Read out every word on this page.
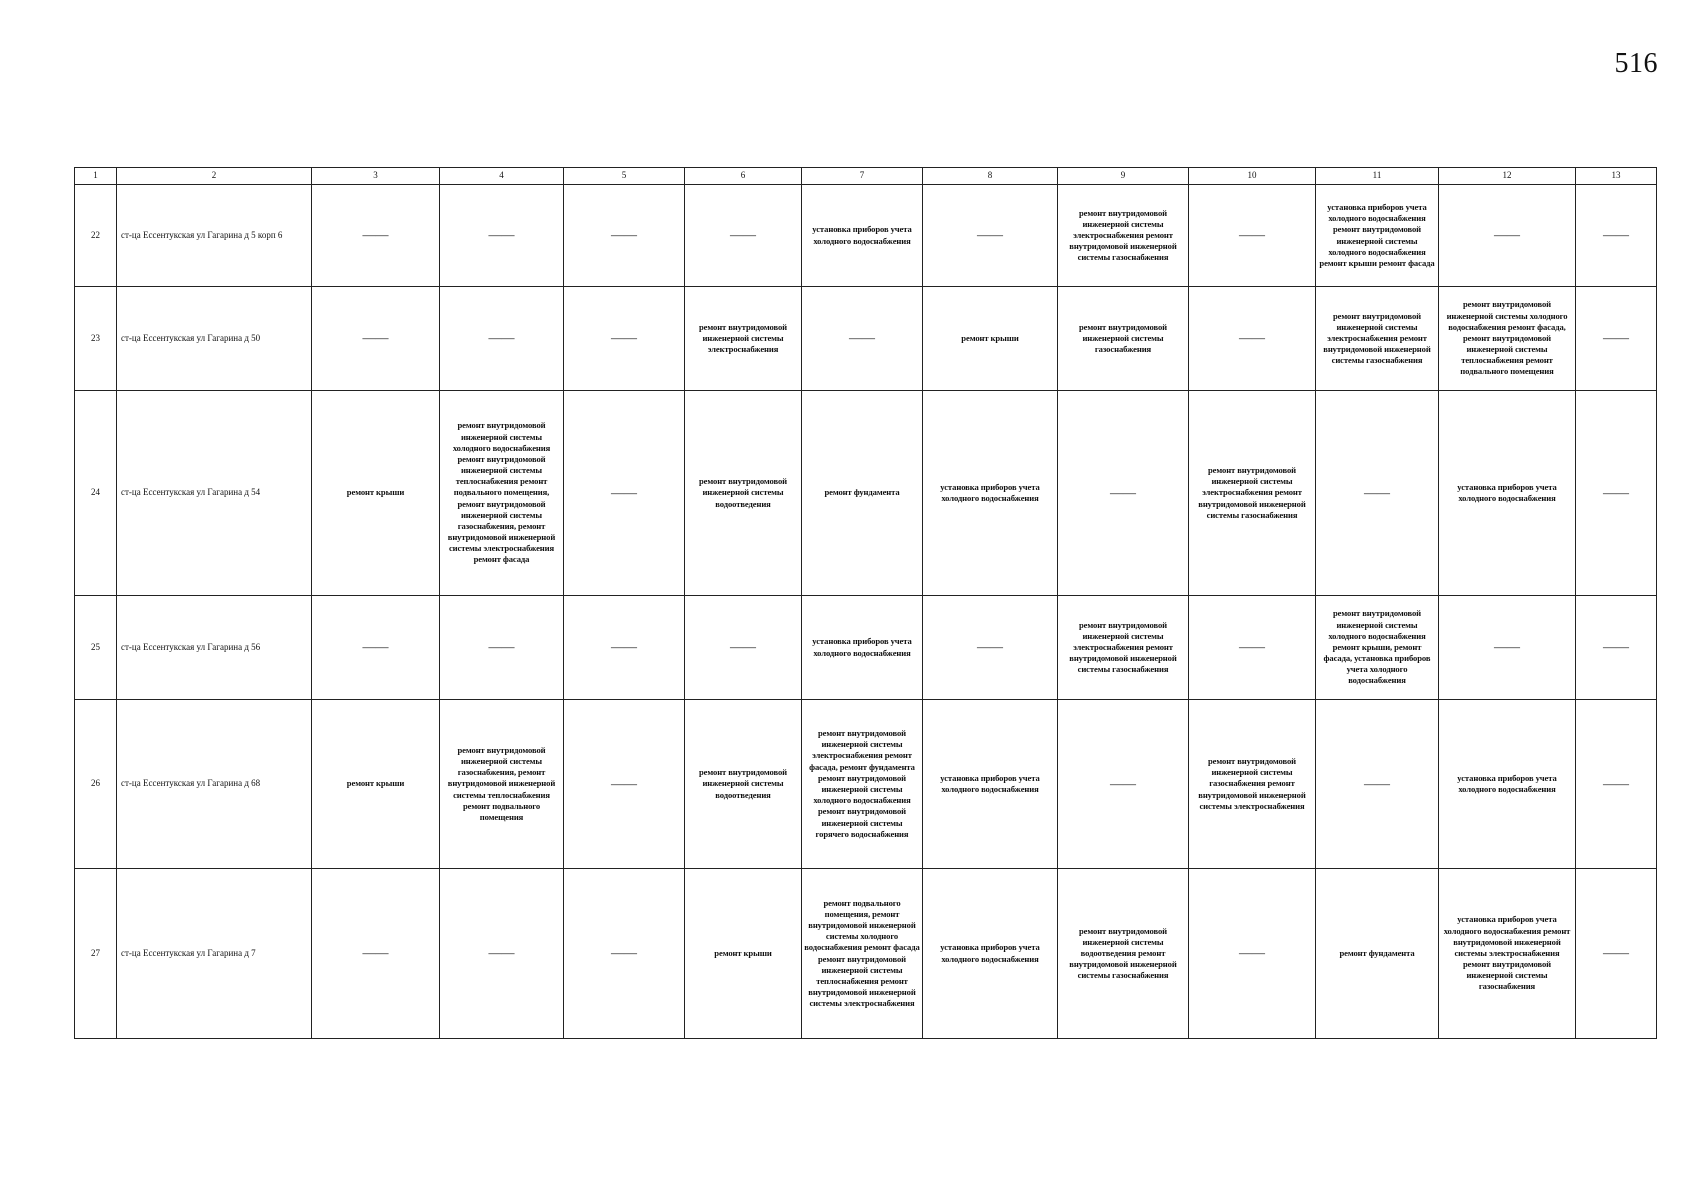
516
1	2	3	4	5	6	7	8	9	10	11	12	13
22	ст-ца Ессентукская ул Гагарина д 5 корп 6	——	——	——	——	установка приборов учета холодного водоснабжения	——	ремонт внутридомовой инженерной системы электроснабжения ремонт внутридомовой инженерной системы газоснабжения	——	установка приборов учета холодного водоснабжения ремонт внутридомовой инженерной системы холодного водоснабжения ремонт крыши ремонт фасада	——	——
23	ст-ца Ессентукская ул Гагарина д 50	——	——	——	ремонт внутридомовой инженерной системы электроснабжения	——	ремонт крыши	ремонт внутридомовой инженерной системы газоснабжения	——	ремонт внутридомовой инженерной системы электроснабжения ремонт внутридомовой инженерной системы газоснабжения	ремонт внутридомовой инженерной системы холодного водоснабжения ремонт фасада, ремонт внутридомовой инженерной системы теплоснабжения ремонт подвального помещения	——
24	ст-ца Ессентукская ул Гагарина д 54	ремонт крыши	ремонт внутридомовой инженерной системы холодного водоснабжения ремонт внутридомовой инженерной системы теплоснабжения ремонт подвального помещения, ремонт внутридомовой инженерной системы газоснабжения, ремонт внутридомовой инженерной системы электроснабжения ремонт фасада	——	ремонт внутридомовой инженерной системы водоотведения	ремонт фундамента	установка приборов учета холодного водоснабжения	——	ремонт внутридомовой инженерной системы электроснабжения ремонт внутридомовой инженерной системы газоснабжения	——	установка приборов учета холодного водоснабжения	——
25	ст-ца Ессентукская ул Гагарина д 56	——	——	——	——	установка приборов учета холодного водоснабжения	——	ремонт внутридомовой инженерной системы электроснабжения ремонт внутридомовой инженерной системы газоснабжения	——	ремонт внутридомовой инженерной системы холодного водоснабжения ремонт крыши, ремонт фасада, установка приборов учета холодного водоснабжения	——	——
26	ст-ца Ессентукская ул Гагарина д 68	ремонт крыши	ремонт внутридомовой инженерной системы газоснабжения, ремонт внутридомовой инженерной системы теплоснабжения ремонт подвального помещения	——	ремонт внутридомовой инженерной системы водоотведения	ремонт внутридомовой инженерной системы электроснабжения ремонт фасада, ремонт фундамента ремонт внутридомовой инженерной системы холодного водоснабжения ремонт внутридомовой инженерной системы горячего водоснабжения	установка приборов учета холодного водоснабжения	——	ремонт внутридомовой инженерной системы газоснабжения ремонт внутридомовой инженерной системы электроснабжения	——	установка приборов учета холодного водоснабжения	——
27	ст-ца Ессентукская ул Гагарина д 7	——	——	——	ремонт крыши	ремонт подвального помещения, ремонт внутридомовой инженерной системы холодного водоснабжения ремонт фасада ремонт внутридомовой инженерной системы теплоснабжения ремонт внутридомовой инженерной системы электроснабжения	установка приборов учета холодного водоснабжения	ремонт внутридомовой инженерной системы водоотведения ремонт внутридомовой инженерной системы газоснабжения	——	ремонт фундамента	установка приборов учета холодного водоснабжения ремонт внутридомовой инженерной системы электроснабжения ремонт внутридомовой инженерной системы газоснабжения	——
